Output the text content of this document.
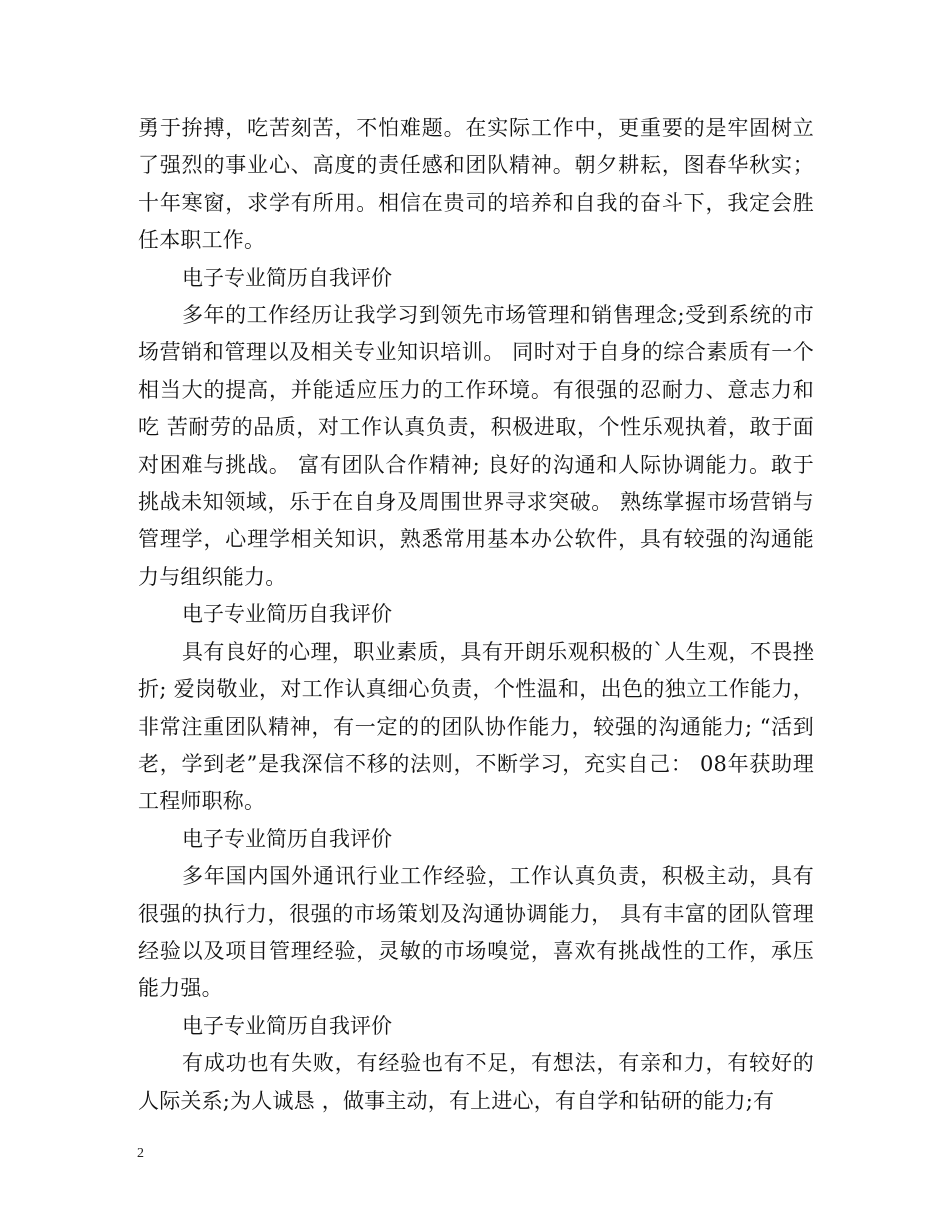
勇于拚搏，吃苦刻苦，不怕难题。在实际工作中，更重要的是牢固树立了强烈的事业心、高度的责任感和团队精神。朝夕耕耘，图春华秋实；十年寒窗，求学有所用。相信在贵司的培养和自我的奋斗下，我定会胜任本职工作。

电子专业简历自我评价

多年的工作经历让我学习到领先市场管理和销售理念;受到系统的市场营销和管理以及相关专业知识培训。 同时对于自身的综合素质有一个相当大的提高，并能适应压力的工作环境。有很强的忍耐力、意志力和吃 苦耐劳的品质，对工作认真负责，积极进取，个性乐观执着，敢于面对困难与挑战。 富有团队合作精神; 良好的沟通和人际协调能力。敢于挑战未知领域，乐于在自身及周围世界寻求突破。 熟练掌握市场营销与 管理学，心理学相关知识，熟悉常用基本办公软件，具有较强的沟通能力与组织能力。

电子专业简历自我评价

具有良好的心理，职业素质，具有开朗乐观积极的`人生观，不畏挫折; 爱岗敬业，对工作认真细心负责，个性温和，出色的独立工作能力， 非常注重团队精神，有一定的的团队协作能力，较强的沟通能力; “活到老，学到老”是我深信不移的法则，不断学习，充实自己： 08年获助理工程师职称。

电子专业简历自我评价

多年国内国外通讯行业工作经验，工作认真负责，积极主动，具有很强的执行力，很强的市场策划及沟通协调能力， 具有丰富的团队管理经验以及项目管理经验，灵敏的市场嗅觉，喜欢有挑战性的工作，承压能力强。

电子专业简历自我评价

有成功也有失败，有经验也有不足，有想法，有亲和力，有较好的人际关系;为人诚恳 ，做事主动，有上进心，有自学和钻研的能力;有

2
